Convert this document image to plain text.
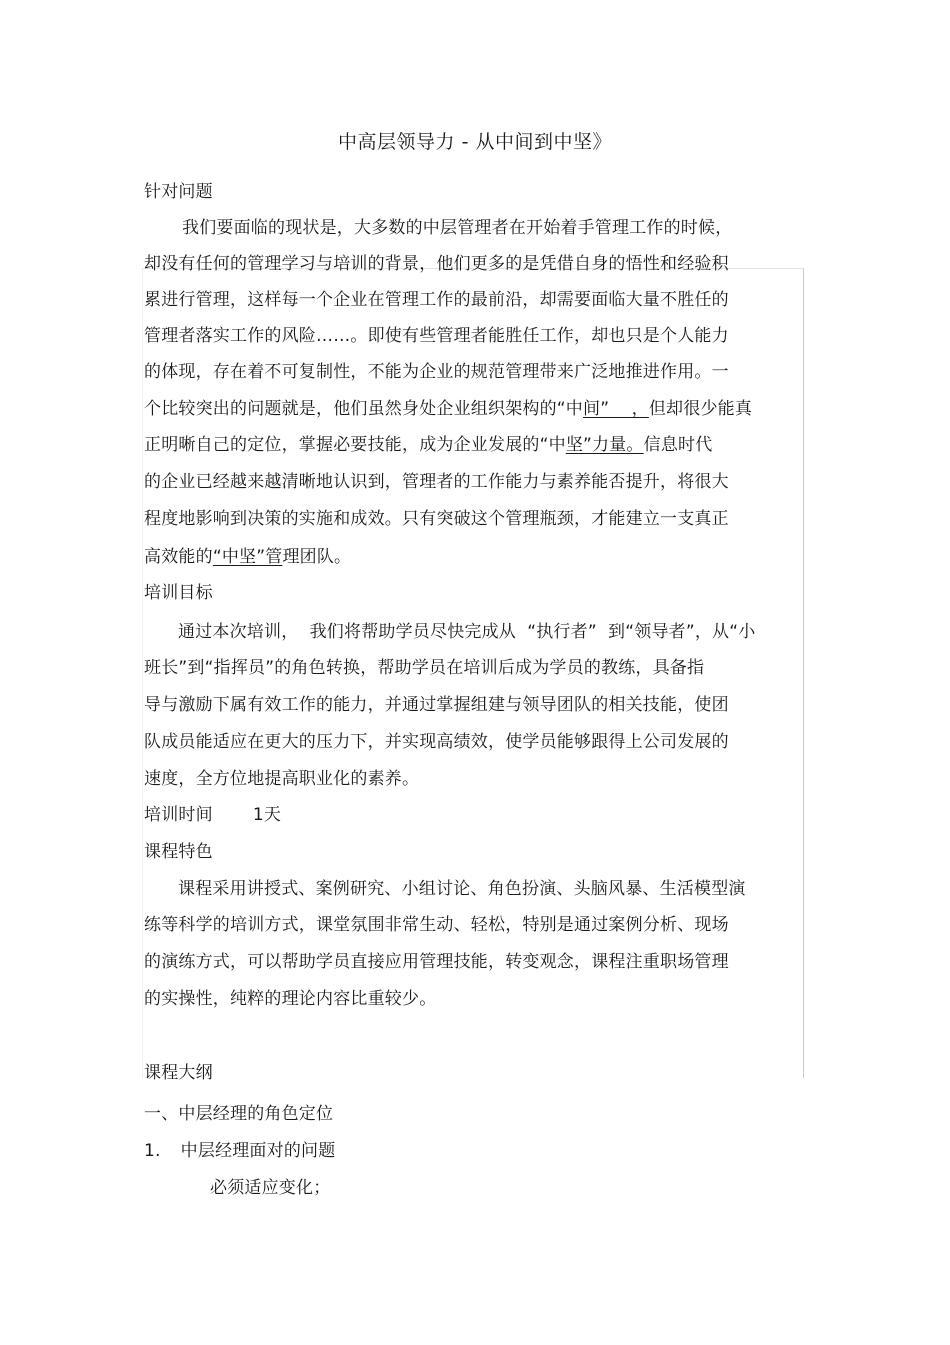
中高层领导力 - 从中间到中坚》
针对问题
我们要面临的现状是，大多数的中层管理者在开始着手管理工作的时候，
却没有任何的管理学习与培训的背景，他们更多的是凭借自身的悟性和经验积
累进行管理，这样每一个企业在管理工作的最前沿，却需要面临大量不胜任的
管理者落实工作的风险……。即使有些管理者能胜任工作，却也只是个人能力
的体现，存在着不可复制性，不能为企业的规范管理带来广泛地推进作用。一
个比较突出的问题就是，他们虽然身处企业组织架构的“中间”    ，但却很少能真
正明晰自己的定位，掌握必要技能，成为企业发展的“中坚”力量。信息时代
的企业已经越来越清晰地认识到，管理者的工作能力与素养能否提升，将很大
程度地影响到决策的实施和成效。只有突破这个管理瓶颈，才能建立一支真正
高效能的“中坚”管理团队。
培训目标
通过本次培训，  我们将帮助学员尽快完成从  “执行者”  到“领导者”，从“小
班长”到“指挥员”的角色转换，帮助学员在培训后成为学员的教练，具备指
导与激励下属有效工作的能力，并通过掌握组建与领导团队的相关技能，使团
队成员能适应在更大的压力下，并实现高绩效，使学员能够跟得上公司发展的
速度，全方位地提高职业化的素养。
培训时间 1天
课程特色
课程采用讲授式、案例研究、小组讨论、角色扮演、头脑风暴、生活模型演
练等科学的培训方式，课堂氛围非常生动、轻松，特别是通过案例分析、现场
的演练方式，可以帮助学员直接应用管理技能，转变观念，课程注重职场管理
的实操性，纯粹的理论内容比重较少。
课程大纲
一、中层经理的角色定位
1. 中层经理面对的问题
必须适应变化；
